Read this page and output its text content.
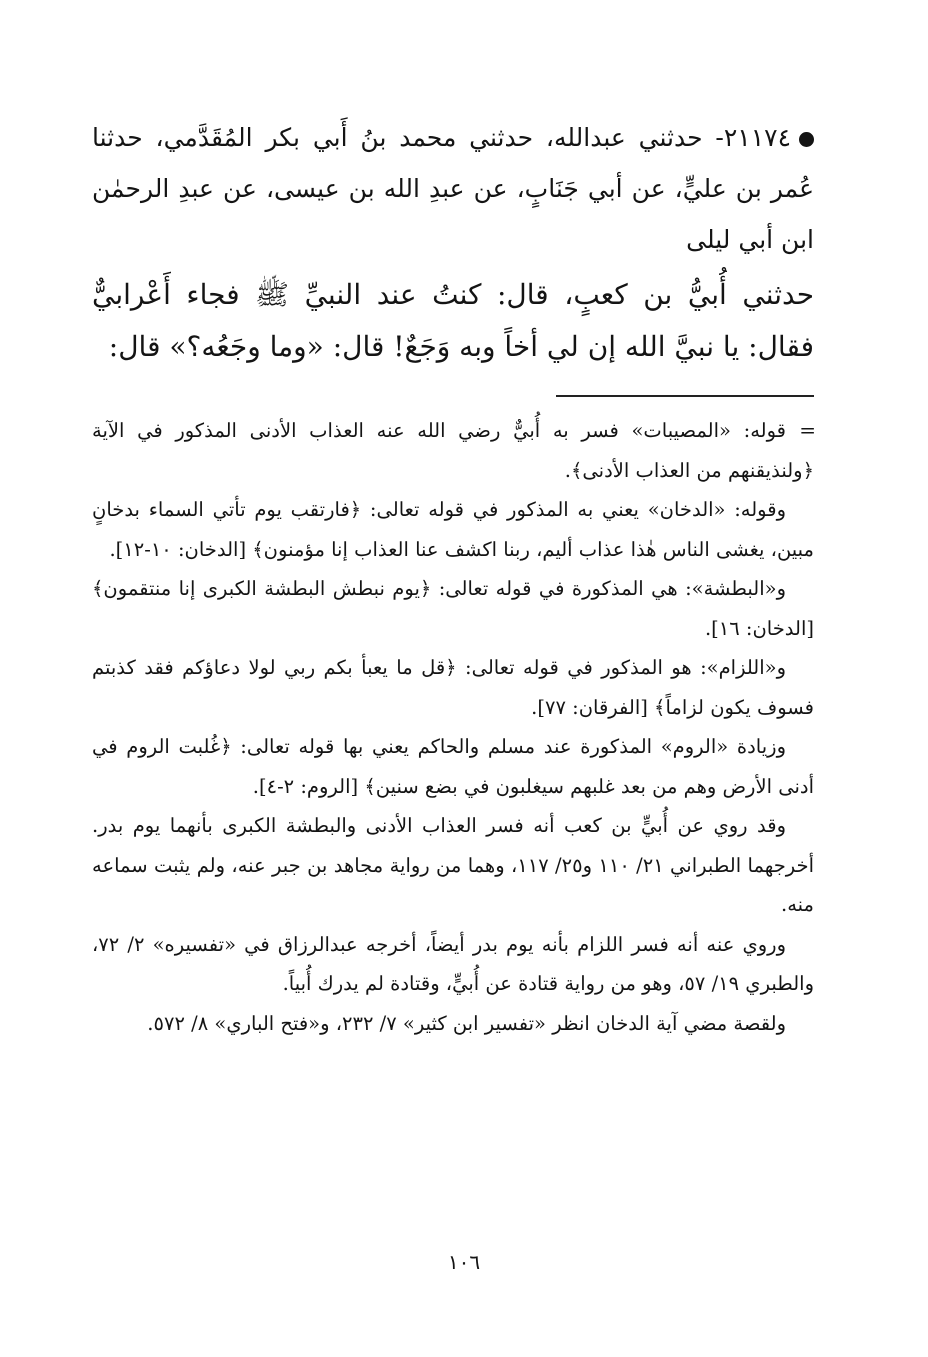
٢١١٧٤- حدثني عبدالله، حدثني محمد بنُ أَبي بكر المُقَدَّمي، حدثنا عُمر بن عليٍّ، عن أبي جَنَابٍ، عن عبدِ الله بن عيسى، عن عبدِ الرحمٰن ابن أبي ليلى

حدثني أُبيُّ بن كعبٍ، قال: كنتُ عند النبيِّ ﷺ فجاء أَعْرابيٌّ فقال: يا نبيَّ الله إن لي أخاً وبه وَجَعٌ! قال: «وما وجَعُه؟» قال:

=
قوله: «المصيبات» فسر به أُبيٌّ رضي الله عنه العذاب الأدنى المذكور في الآية ﴿ولنذيقنهم من العذاب الأدنى﴾.

وقوله: «الدخان» يعني به المذكور في قوله تعالى: ﴿فارتقب يوم تأتي السماء بدخانٍ مبين، يغشى الناس هٰذا عذاب أليم، ربنا اكشف عنا العذاب إنا مؤمنون﴾ [الدخان: ١٠-١٢].

و«البطشة»: هي المذكورة في قوله تعالى: ﴿يوم نبطش البطشة الكبرى إنا منتقمون﴾ [الدخان: ١٦].

و«اللزام»: هو المذكور في قوله تعالى: ﴿قل ما يعبأ بكم ربي لولا دعاؤكم فقد كذبتم فسوف يكون لزاماً﴾ [الفرقان: ٧٧].

وزيادة «الروم» المذكورة عند مسلم والحاكم يعني بها قوله تعالى: ﴿غُلبت الروم في أدنى الأرض وهم من بعد غلبهم سيغلبون في بضع سنين﴾ [الروم: ٢-٤].

وقد روي عن أُبيٍّ بن كعب أنه فسر العذاب الأدنى والبطشة الكبرى بأنهما يوم بدر. أخرجهما الطبراني ٢١/ ١١٠ و٢٥/ ١١٧، وهما من رواية مجاهد بن جبر عنه، ولم يثبت سماعه منه.

وروي عنه أنه فسر اللزام بأنه يوم بدر أيضاً، أخرجه عبدالرزاق في «تفسيره» ٢/ ٧٢، والطبري ١٩/ ٥٧، وهو من رواية قتادة عن أُبيٍّ، وقتادة لم يدرك أُبياً.

ولقصة مضي آية الدخان انظر «تفسير ابن كثير» ٧/ ٢٣٢، و«فتح الباري» ٨/ ٥٧٢.

١٠٦
